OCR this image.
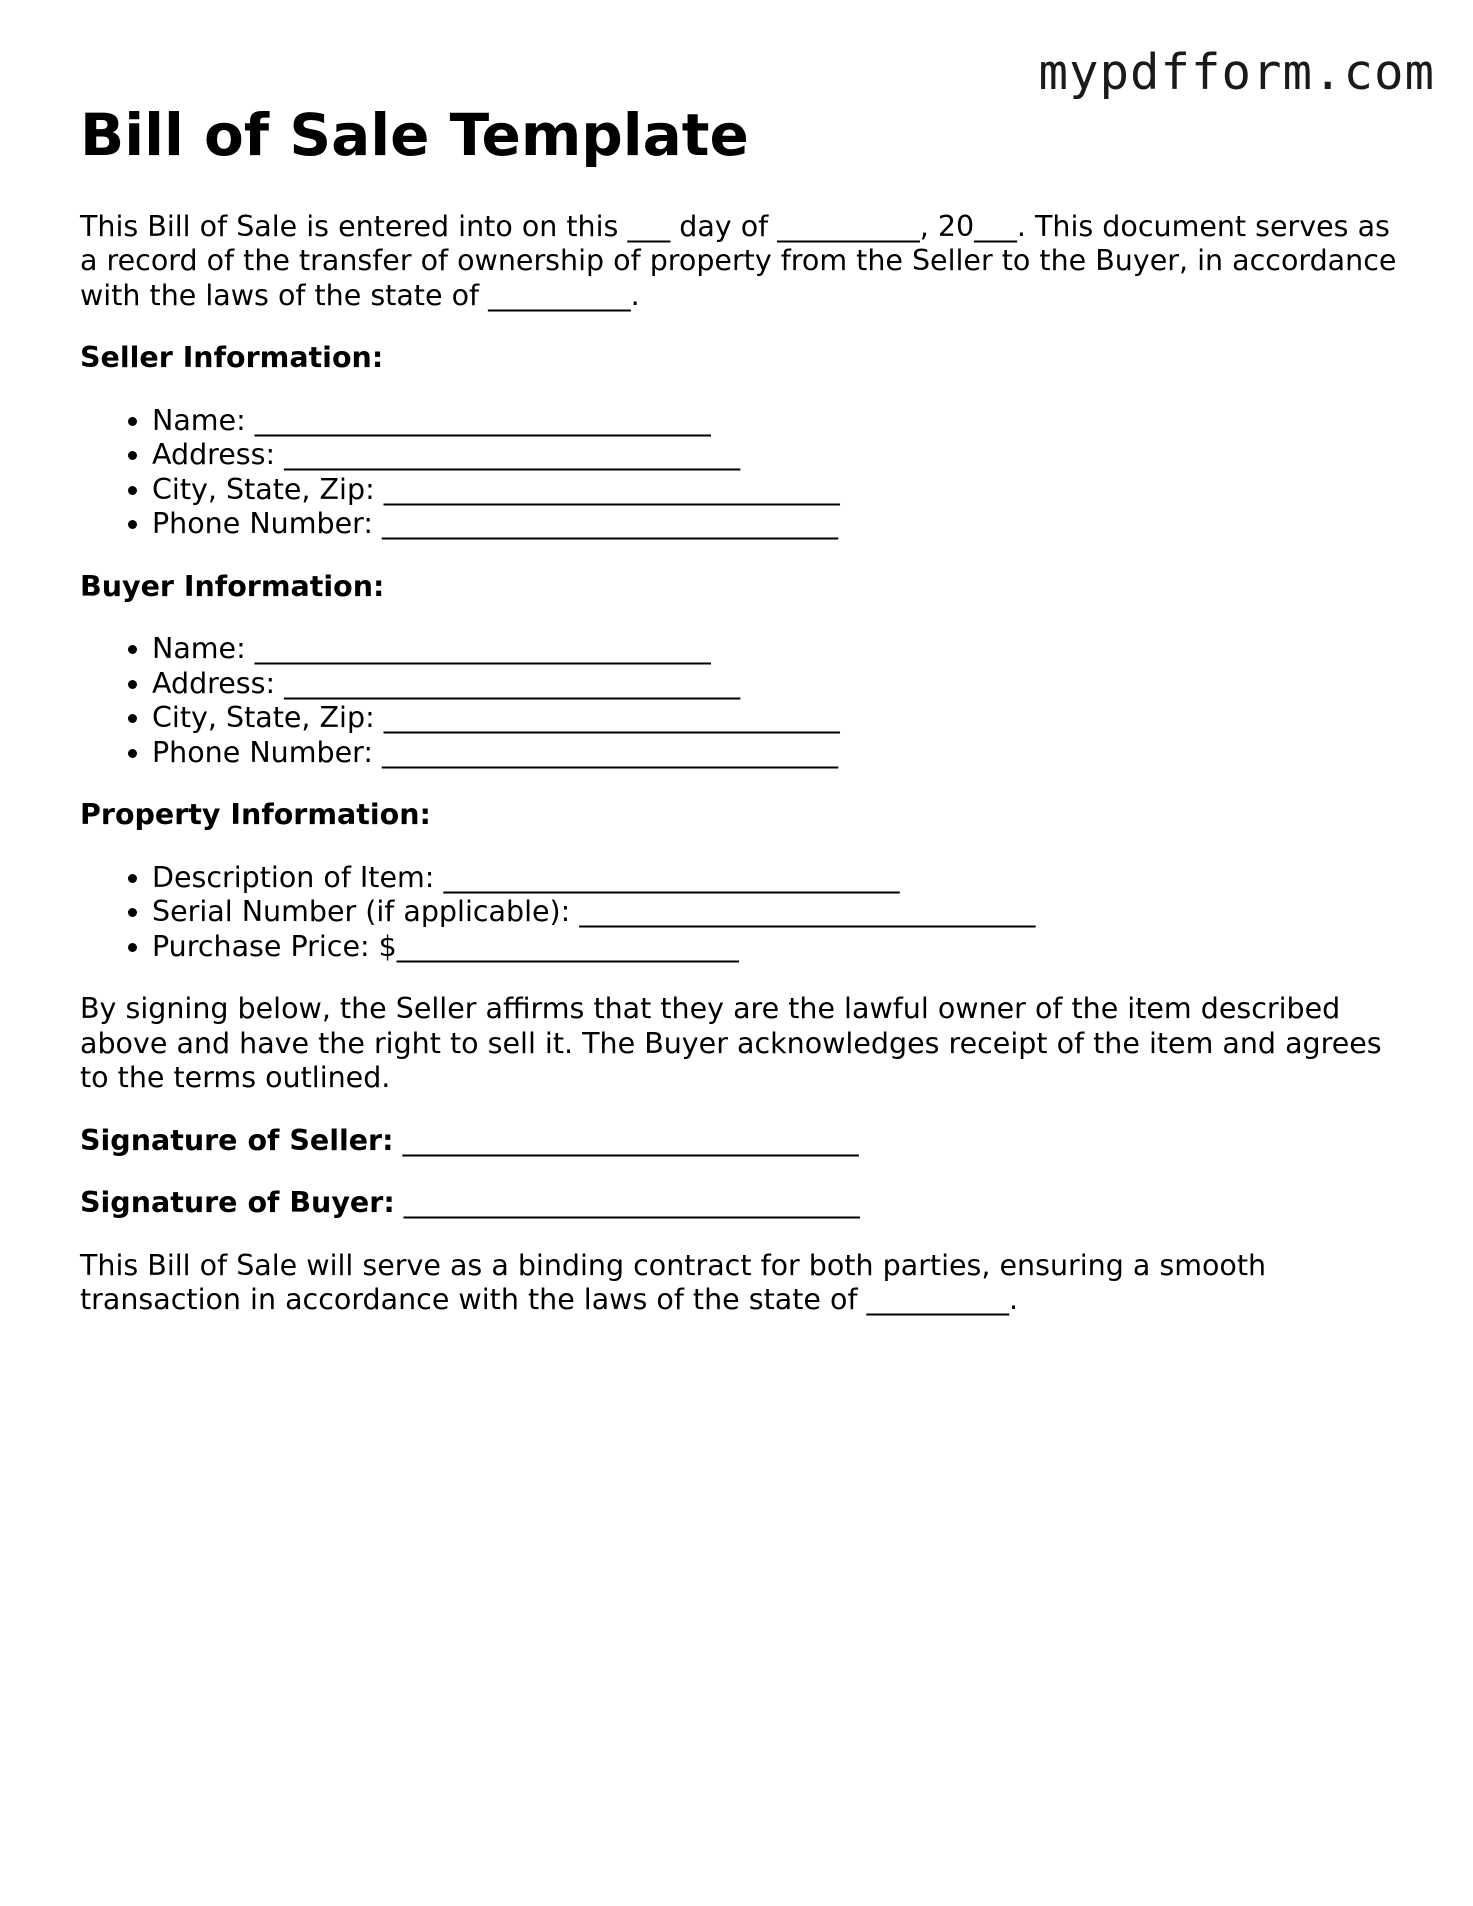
mypdfform.com
Bill of Sale Template

This Bill of Sale is entered into on this ___ day of __________, 20___. This document serves as a record of the transfer of ownership of property from the Seller to the Buyer, in accordance with the laws of the state of __________.

Seller Information:
• Name: ________________________________
• Address: ________________________________
• City, State, Zip: ________________________________
• Phone Number: ________________________________
Buyer Information:
• Name: ________________________________
• Address: ________________________________
• City, State, Zip: ________________________________
• Phone Number: ________________________________
Property Information:
• Description of Item: ________________________________
• Serial Number (if applicable): ________________________________
• Purchase Price: $________________________

By signing below, the Seller affirms that they are the lawful owner of the item described above and have the right to sell it. The Buyer acknowledges receipt of the item and agrees to the terms outlined.

Signature of Seller: ________________________________
Signature of Buyer: ________________________________

This Bill of Sale will serve as a binding contract for both parties, ensuring a smooth transaction in accordance with the laws of the state of __________.
